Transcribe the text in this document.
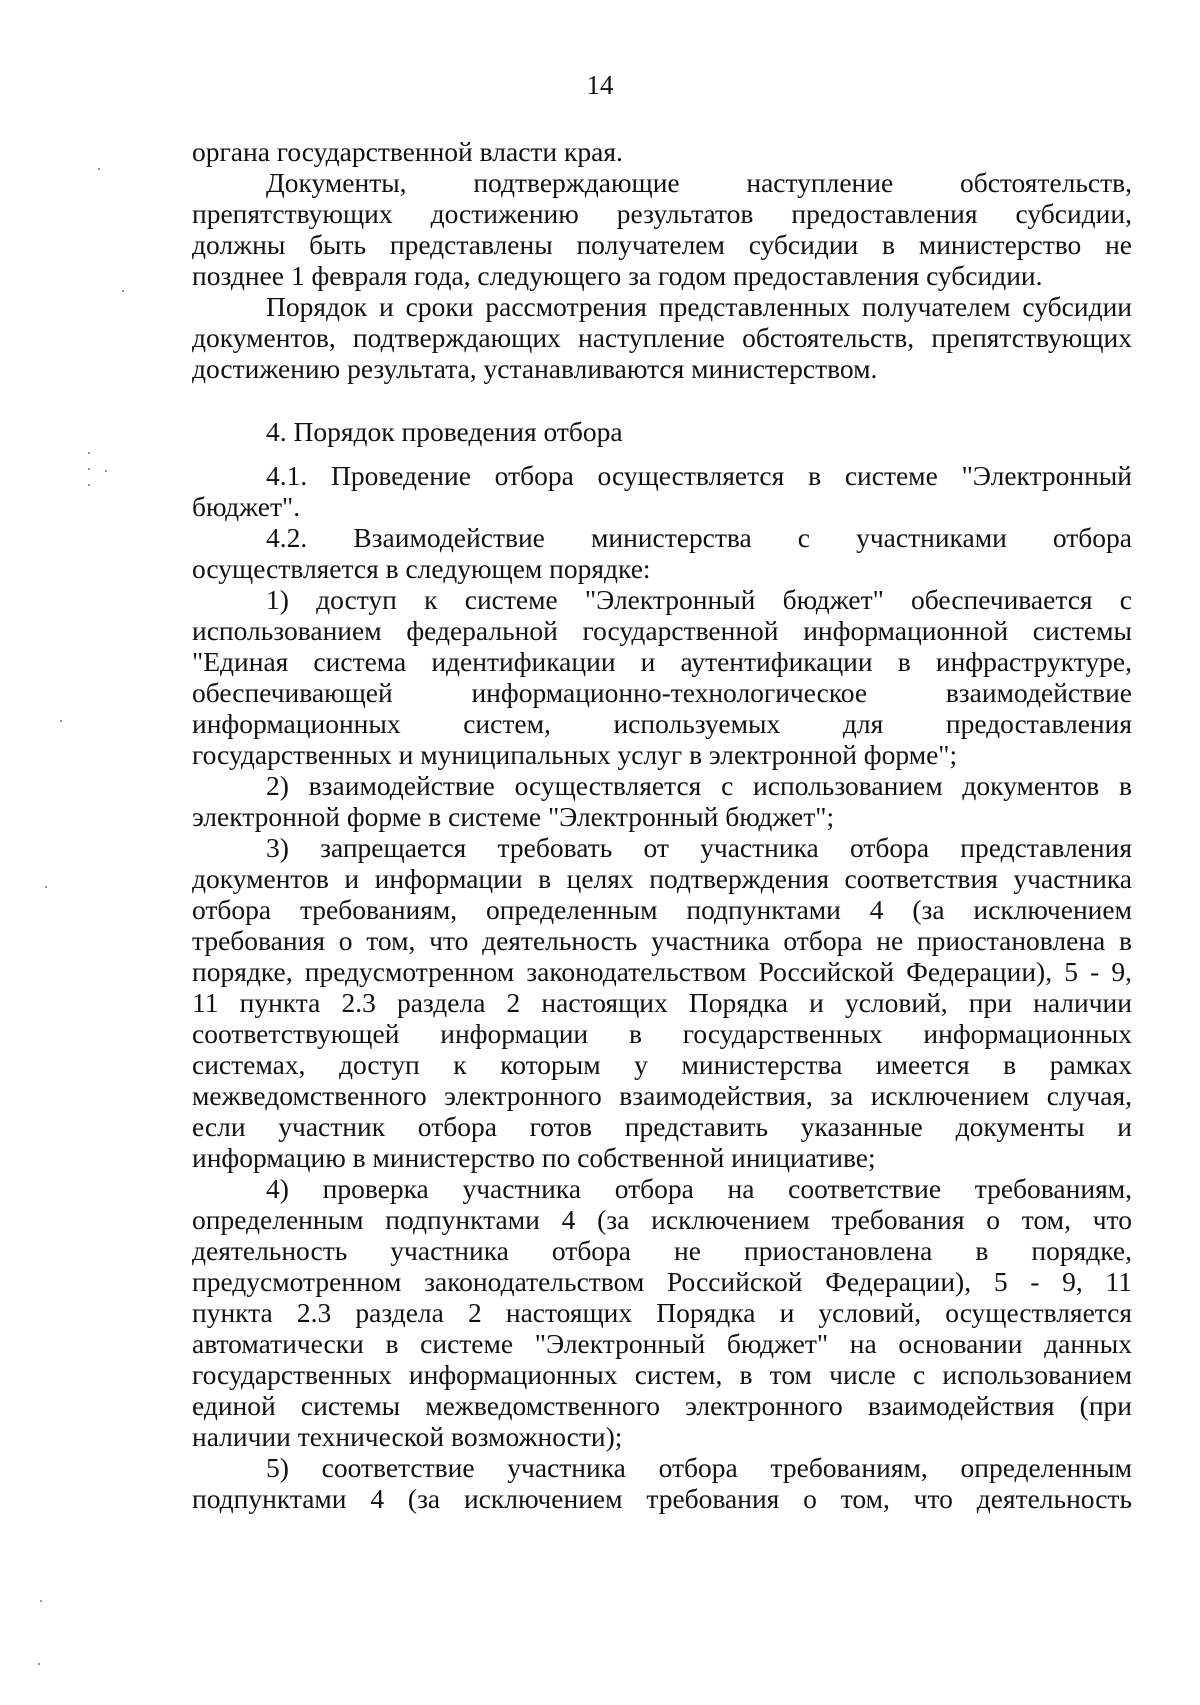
14
органа государственной власти края.
Документы, подтверждающие наступление обстоятельств,
препятствующих достижению результатов предоставления субсидии,
должны быть представлены получателем субсидии в министерство не
позднее 1 февраля года, следующего за годом предоставления субсидии.
Порядок и сроки рассмотрения представленных получателем субсидии
документов, подтверждающих наступление обстоятельств, препятствующих
достижению результата, устанавливаются министерством.
4. Порядок проведения отбора
4.1. Проведение отбора осуществляется в системе "Электронный
бюджет".
4.2. Взаимодействие министерства с участниками отбора
осуществляется в следующем порядке:
1) доступ к системе "Электронный бюджет" обеспечивается с
использованием федеральной государственной информационной системы
"Единая система идентификации и аутентификации в инфраструктуре,
обеспечивающей информационно-технологическое взаимодействие
информационных систем, используемых для предоставления
государственных и муниципальных услуг в электронной форме";
2) взаимодействие осуществляется с использованием документов в
электронной форме в системе "Электронный бюджет";
3) запрещается требовать от участника отбора представления
документов и информации в целях подтверждения соответствия участника
отбора требованиям, определенным подпунктами 4 (за исключением
требования о том, что деятельность участника отбора не приостановлена в
порядке, предусмотренном законодательством Российской Федерации), 5 - 9,
11 пункта 2.3 раздела 2 настоящих Порядка и условий, при наличии
соответствующей информации в государственных информационных
системах, доступ к которым у министерства имеется в рамках
межведомственного электронного взаимодействия, за исключением случая,
если участник отбора готов представить указанные документы и
информацию в министерство по собственной инициативе;
4) проверка участника отбора на соответствие требованиям,
определенным подпунктами 4 (за исключением требования о том, что
деятельность участника отбора не приостановлена в порядке,
предусмотренном законодательством Российской Федерации), 5 - 9, 11
пункта 2.3 раздела 2 настоящих Порядка и условий, осуществляется
автоматически в системе "Электронный бюджет" на основании данных
государственных информационных систем, в том числе с использованием
единой системы межведомственного электронного взаимодействия (при
наличии технической возможности);
5) соответствие участника отбора требованиям, определенным
подпунктами 4 (за исключением требования о том, что деятельность
